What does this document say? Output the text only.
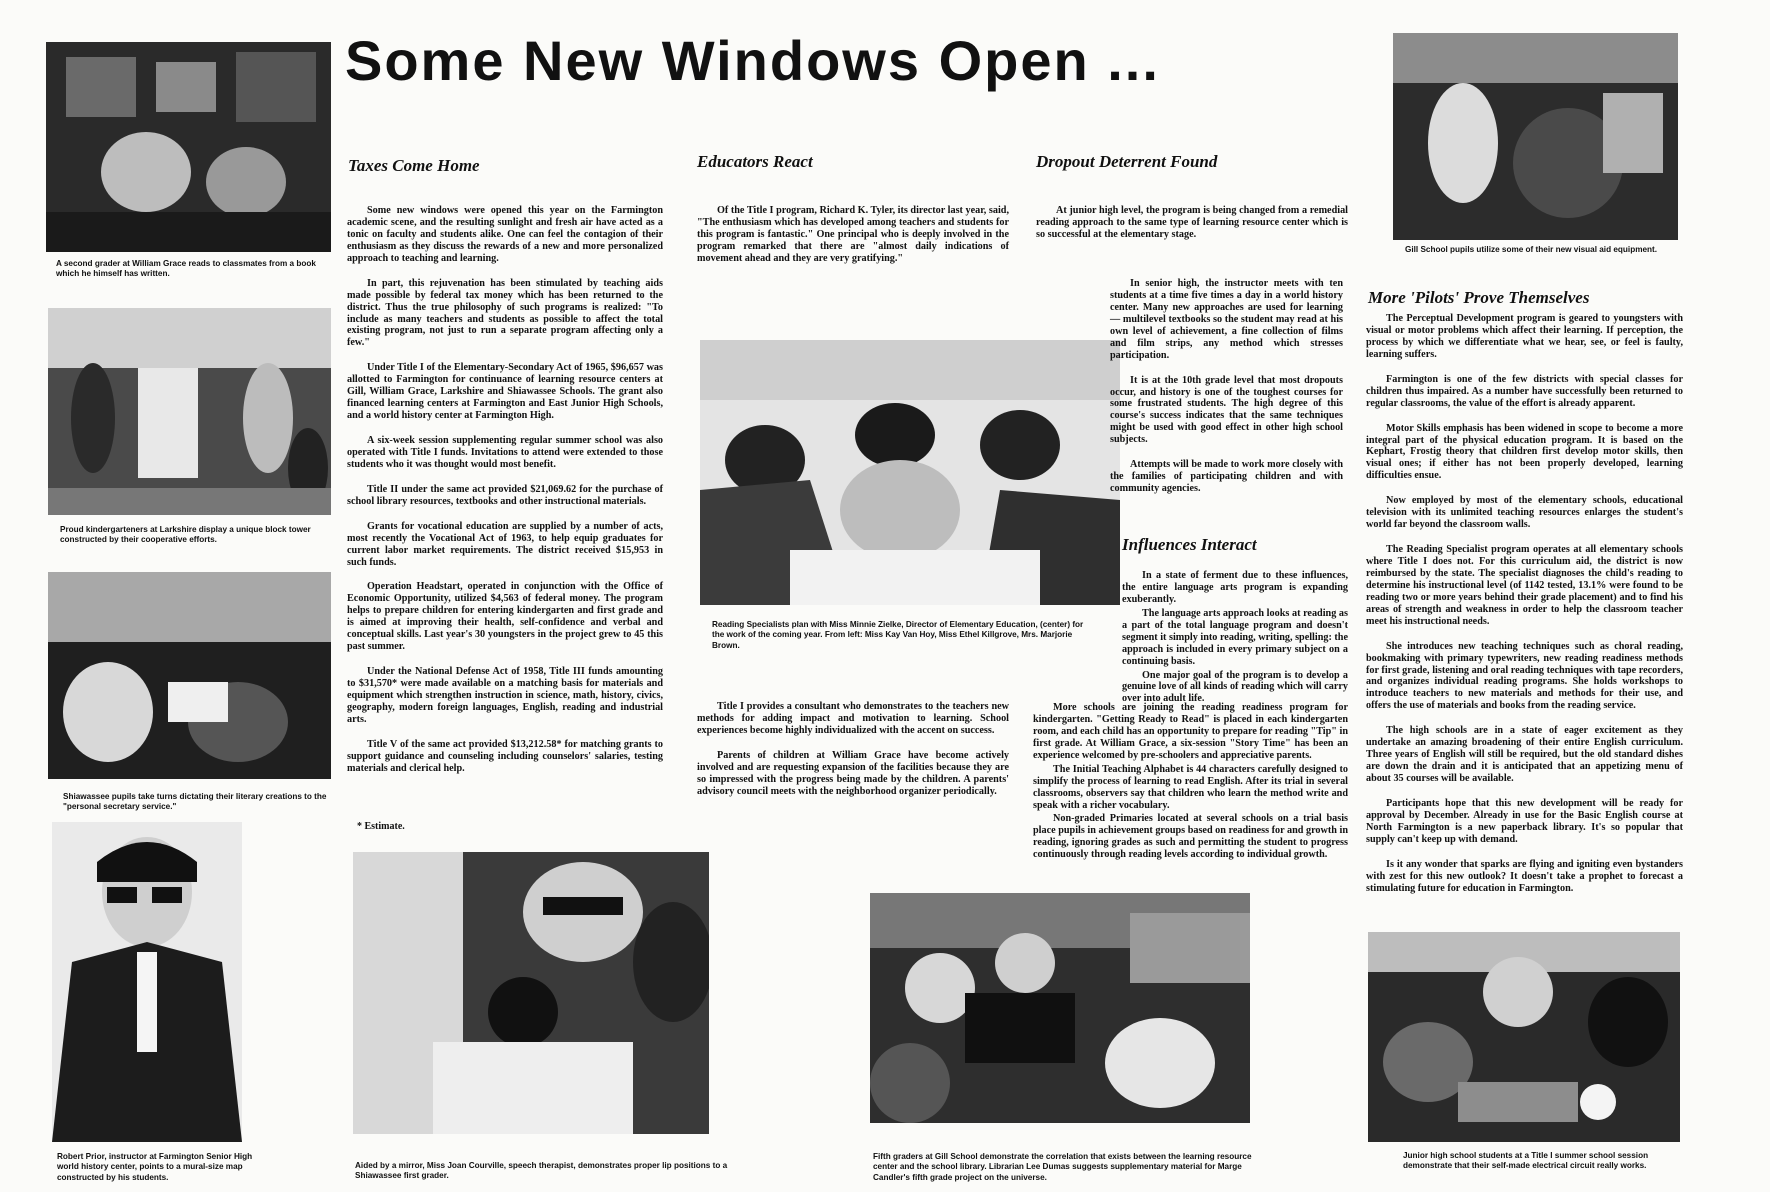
Some New Windows Open ...
A second grader at William Grace reads to classmates from a book which he himself has written.
Proud kindergarteners at Larkshire display a unique block tower constructed by their cooperative efforts.
Shiawassee pupils take turns dictating their literary creations to the "personal secretary service."
Robert Prior, instructor at Farmington Senior High world history center, points to a mural-size map constructed by his students.
Taxes Come Home

Some new windows were opened this year on the Farmington academic scene, and the resulting sunlight and fresh air have acted as a tonic on faculty and students alike. One can feel the contagion of their enthusiasm as they discuss the rewards of a new and more personalized approach to teaching and learning.

In part, this rejuvenation has been stimulated by teaching aids made possible by federal tax money which has been returned to the district. Thus the true philosophy of such programs is realized: "To include as many teachers and students as possible to affect the total existing program, not just to run a separate program affecting only a few."

Under Title I of the Elementary-Secondary Act of 1965, $96,657 was allotted to Farmington for continuance of learning resource centers at Gill, William Grace, Larkshire and Shiawassee Schools. The grant also financed learning centers at Farmington and East Junior High Schools, and a world history center at Farmington High.

A six-week session supplementing regular summer school was also operated with Title I funds. Invitations to attend were extended to those students who it was thought would most benefit.

Title II under the same act provided $21,069.62 for the purchase of school library resources, textbooks and other instructional materials.

Grants for vocational education are supplied by a number of acts, most recently the Vocational Act of 1963, to help equip graduates for current labor market requirements. The district received $15,953 in such funds.

Operation Headstart, operated in conjunction with the Office of Economic Opportunity, utilized $4,563 of federal money. The program helps to prepare children for entering kindergarten and first grade and is aimed at improving their health, self-confidence and verbal and conceptual skills. Last year's 30 youngsters in the project grew to 45 this past summer.

Under the National Defense Act of 1958, Title III funds amounting to $31,570* were made available on a matching basis for materials and equipment which strengthen instruction in science, math, history, civics, geography, modern foreign languages, English, reading and industrial arts.

Title V of the same act provided $13,212.58* for matching grants to support guidance and counseling including counselors' salaries, testing materials and clerical help.

* Estimate.
Educators React

Of the Title I program, Richard K. Tyler, its director last year, said, "The enthusiasm which has developed among teachers and students for this program is fantastic." One principal who is deeply involved in the program remarked that there are "almost daily indications of movement ahead and they are very gratifying."

Reading Specialists plan with Miss Minnie Zielke, Director of Elementary Education, (center) for the work of the coming year. From left: Miss Kay Van Hoy, Miss Ethel Killgrove, Mrs. Marjorie Brown.

Title I provides a consultant who demonstrates to the teachers new methods for adding impact and motivation to learning. School experiences become highly individualized with the accent on success.

Parents of children at William Grace have become actively involved and are requesting expansion of the facilities because they are so impressed with the progress being made by the children. A parents' advisory council meets with the neighborhood organizer periodically.

Dropout Deterrent Found

At junior high level, the program is being changed from a remedial reading approach to the same type of learning resource center which is so successful at the elementary stage.

In senior high, the instructor meets with ten students at a time five times a day in a world history center. Many new approaches are used for learning — multilevel textbooks so the student may read at his own level of achievement, a fine collection of films and film strips, any method which stresses participation.

It is at the 10th grade level that most dropouts occur, and history is one of the toughest courses for some frustrated students. The high degree of this course's success indicates that the same techniques might be used with good effect in other high school subjects.

Attempts will be made to work more closely with the families of participating children and with community agencies.

Influences Interact

In a state of ferment due to these influences, the entire language arts program is expanding exuberantly.

The language arts approach looks at reading as a part of the total language program and doesn't segment it simply into reading, writing, spelling: the approach is included in every primary subject on a continuing basis.

One major goal of the program is to develop a genuine love of all kinds of reading which will carry over into adult life.

More schools are joining the reading readiness program for kindergarten. "Getting Ready to Read" is placed in each kindergarten room, and each child has an opportunity to prepare for reading "Tip" in first grade. At William Grace, a six-session "Story Time" has been an experience welcomed by pre-schoolers and appreciative parents.

The Initial Teaching Alphabet is 44 characters carefully designed to simplify the process of learning to read English. After its trial in several classrooms, observers say that children who learn the method write and speak with a richer vocabulary.

Non-graded Primaries located at several schools on a trial basis place pupils in achievement groups based on readiness for and growth in reading, ignoring grades as such and permitting the student to progress continuously through reading levels according to individual growth.

Gill School pupils utilize some of their new visual aid equipment.
More 'Pilots' Prove Themselves

The Perceptual Development program is geared to youngsters with visual or motor problems which affect their learning. If perception, the process by which we differentiate what we hear, see, or feel is faulty, learning suffers.

Farmington is one of the few districts with special classes for children thus impaired. As a number have successfully been returned to regular classrooms, the value of the effort is already apparent.

Motor Skills emphasis has been widened in scope to become a more integral part of the physical education program. It is based on the Kephart, Frostig theory that children first develop motor skills, then visual ones; if either has not been properly developed, learning difficulties ensue.

Now employed by most of the elementary schools, educational television with its unlimited teaching resources enlarges the student's world far beyond the classroom walls.

The Reading Specialist program operates at all elementary schools where Title I does not. For this curriculum aid, the district is now reimbursed by the state. The specialist diagnoses the child's reading to determine his instructional level (of 1142 tested, 13.1% were found to be reading two or more years behind their grade placement) and to find his areas of strength and weakness in order to help the classroom teacher meet his instructional needs.

She introduces new teaching techniques such as choral reading, bookmaking with primary typewriters, new reading readiness methods for first grade, listening and oral reading techniques with tape recorders, and organizes individual reading programs. She holds workshops to introduce teachers to new materials and methods for their use, and offers the use of materials and books from the reading service.

The high schools are in a state of eager excitement as they undertake an amazing broadening of their entire English curriculum. Three years of English will still be required, but the old standard dishes are down the drain and it is anticipated that an appetizing menu of about 35 courses will be available.

Participants hope that this new development will be ready for approval by December. Already in use for the Basic English course at North Farmington is a new paperback library. It's so popular that supply can't keep up with demand.

Is it any wonder that sparks are flying and igniting even bystanders with zest for this new outlook? It doesn't take a prophet to forecast a stimulating future for education in Farmington.

Aided by a mirror, Miss Joan Courville, speech therapist, demonstrates proper lip positions to a Shiawassee first grader.
Fifth graders at Gill School demonstrate the correlation that exists between the learning resource center and the school library. Librarian Lee Dumas suggests supplementary material for Marge Candler's fifth grade project on the universe.
Junior high school students at a Title I summer school session demonstrate that their self-made electrical circuit really works.
